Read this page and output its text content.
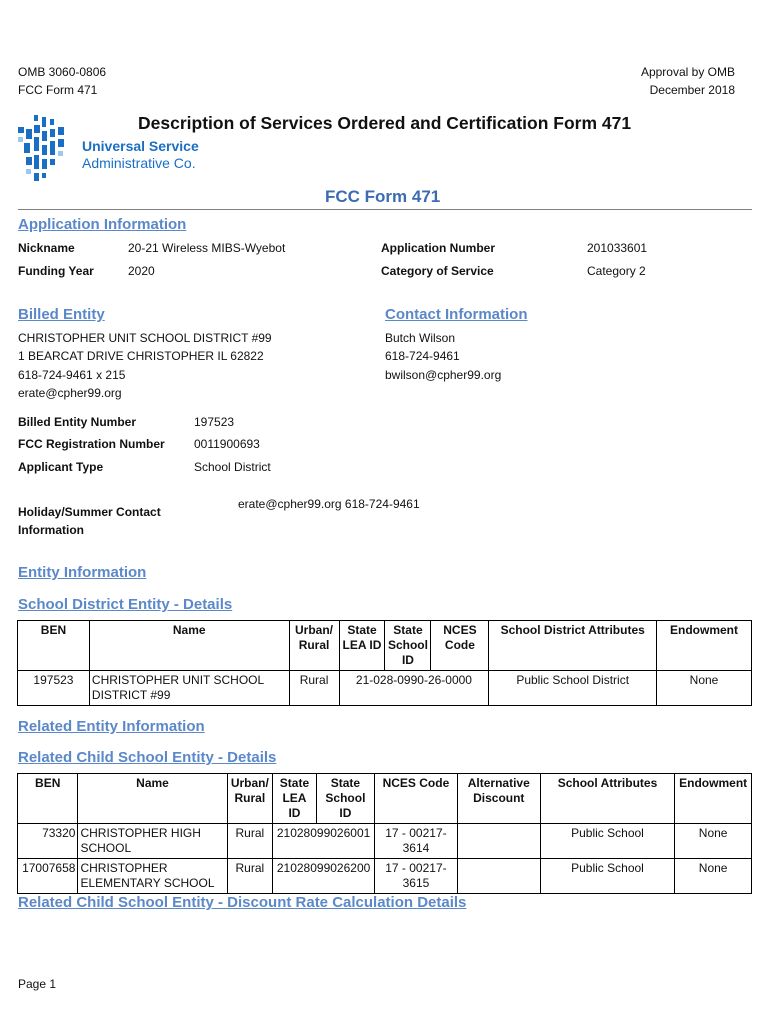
OMB 3060-0806
FCC Form 471
Approval by OMB
December 2018
Universal Service
Administrative Co.
Description of Services Ordered and Certification Form 471
FCC Form 471
Application Information
Nickname	20-21 Wireless MIBS-Wyebot
Funding Year	2020
Application Number	201033601
Category of Service	Category 2
Billed Entity
CHRISTOPHER UNIT SCHOOL DISTRICT #99
1 BEARCAT DRIVE CHRISTOPHER IL 62822
618-724-9461 x 215
erate@cpher99.org
Contact Information
Butch Wilson
618-724-9461
bwilson@cpher99.org
Billed Entity Number	197523
FCC Registration Number 0011900693
Applicant Type	School District
Holiday/Summer Contact
Information
erate@cpher99.org 618-724-9461
Entity Information
School District Entity - Details
BEN	Name	Urban/ Rural	State LEA ID	State School ID	NCES Code	School District Attributes	Endowment
197523	CHRISTOPHER UNIT SCHOOL DISTRICT #99	Rural	21-028-0990-26-0000			Public School District	None
Related Entity Information
Related Child School Entity - Details
BEN	Name	Urban/ Rural	State LEA ID	State School ID	NCES Code	Alternative Discount	School Attributes	Endowment
73320	CHRISTOPHER HIGH SCHOOL	Rural	21028099026001		17 - 00217-3614		Public School	None
17007658	CHRISTOPHER ELEMENTARY SCHOOL	Rural	21028099026200		17 - 00217-3615		Public School	None
Related Child School Entity - Discount Rate Calculation Details
Page 1
